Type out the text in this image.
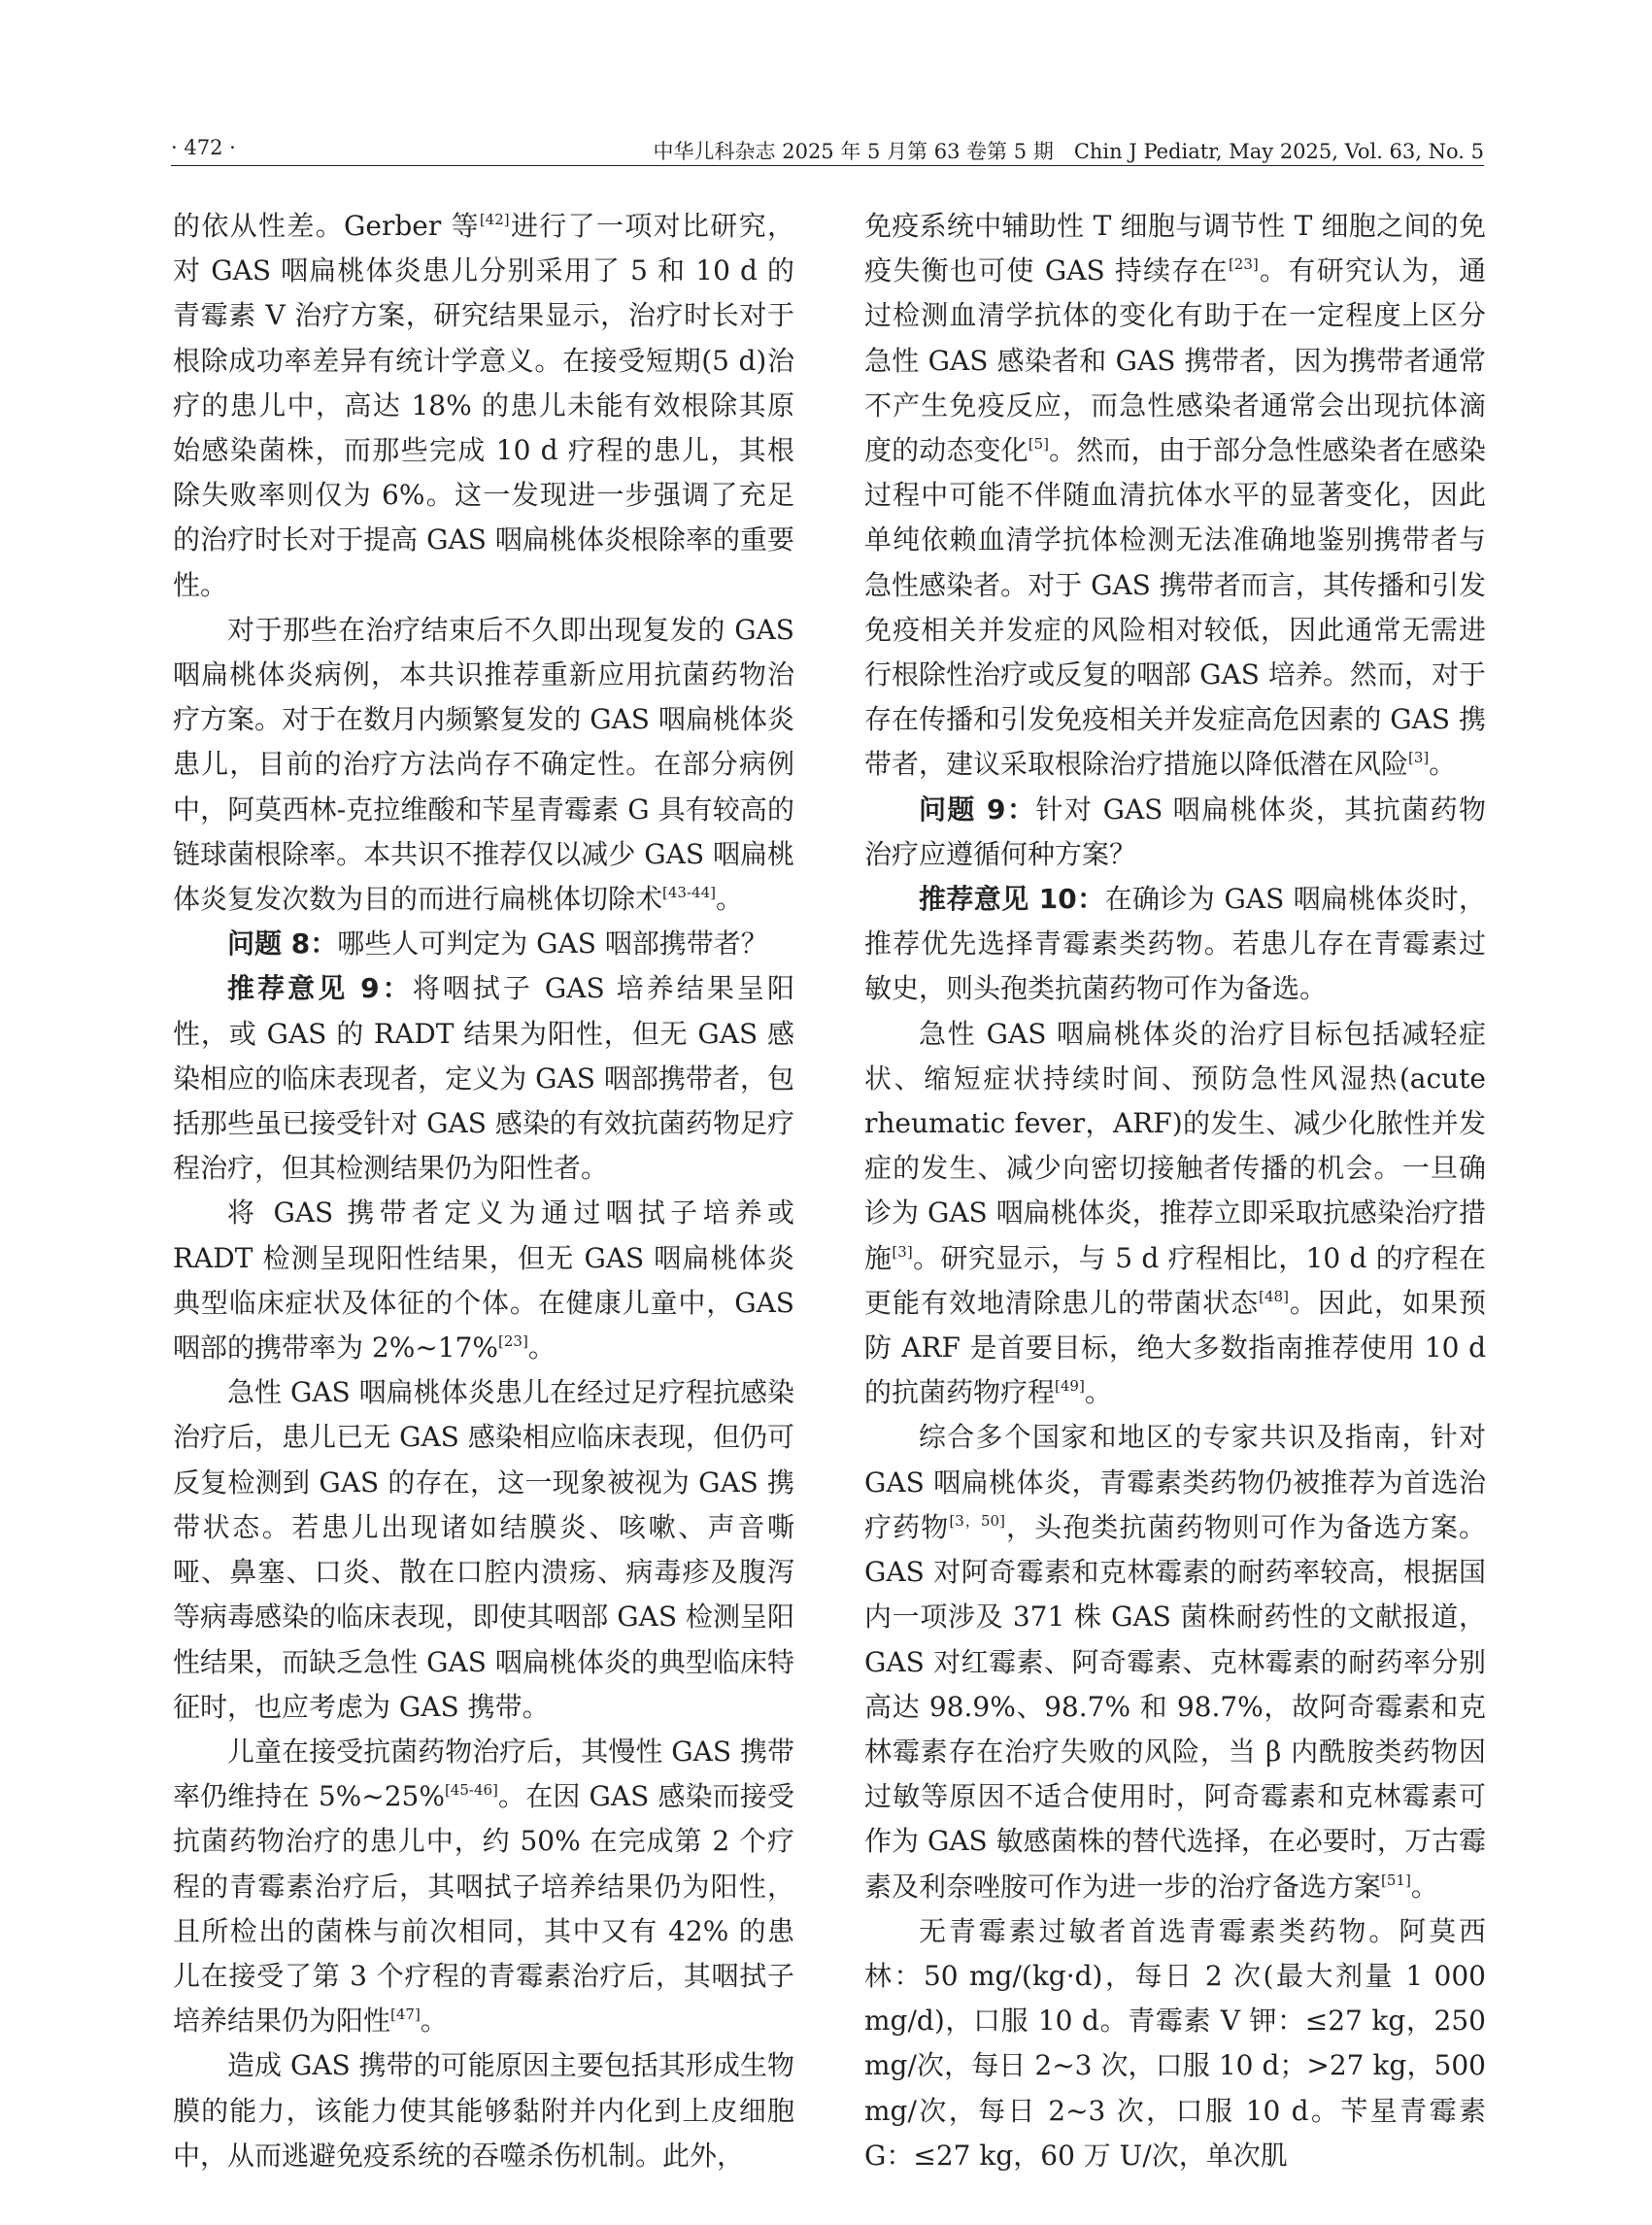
· 472 ·	中华儿科杂志 2025 年 5 月第 63 卷第 5 期　Chin J Pediatr, May 2025, Vol. 63, No. 5

的依从性差。Gerber 等[42]进行了一项对比研究，对 GAS 咽扁桃体炎患儿分别采用了 5 和 10 d 的青霉素 V 治疗方案，研究结果显示，治疗时长对于根除成功率差异有统计学意义。在接受短期(5 d)治疗的患儿中，高达 18% 的患儿未能有效根除其原始感染菌株，而那些完成 10 d 疗程的患儿，其根除失败率则仅为 6%。这一发现进一步强调了充足的治疗时长对于提高 GAS 咽扁桃体炎根除率的重要性。

对于那些在治疗结束后不久即出现复发的 GAS 咽扁桃体炎病例，本共识推荐重新应用抗菌药物治疗方案。对于在数月内频繁复发的 GAS 咽扁桃体炎患儿，目前的治疗方法尚存不确定性。在部分病例中，阿莫西林-克拉维酸和苄星青霉素 G 具有较高的链球菌根除率。本共识不推荐仅以减少 GAS 咽扁桃体炎复发次数为目的而进行扁桃体切除术[43-44]。

问题 8：哪些人可判定为 GAS 咽部携带者？

推荐意见 9：将咽拭子 GAS 培养结果呈阳性，或 GAS 的 RADT 结果为阳性，但无 GAS 感染相应的临床表现者，定义为 GAS 咽部携带者，包括那些虽已接受针对 GAS 感染的有效抗菌药物足疗程治疗，但其检测结果仍为阳性者。

将 GAS 携带者定义为通过咽拭子培养或 RADT 检测呈现阳性结果，但无 GAS 咽扁桃体炎典型临床症状及体征的个体。在健康儿童中，GAS 咽部的携带率为 2%~17%[23]。

急性 GAS 咽扁桃体炎患儿在经过足疗程抗感染治疗后，患儿已无 GAS 感染相应临床表现，但仍可反复检测到 GAS 的存在，这一现象被视为 GAS 携带状态。若患儿出现诸如结膜炎、咳嗽、声音嘶哑、鼻塞、口炎、散在口腔内溃疡、病毒疹及腹泻等病毒感染的临床表现，即使其咽部 GAS 检测呈阳性结果，而缺乏急性 GAS 咽扁桃体炎的典型临床特征时，也应考虑为 GAS 携带。

儿童在接受抗菌药物治疗后，其慢性 GAS 携带率仍维持在 5%~25%[45-46]。在因 GAS 感染而接受抗菌药物治疗的患儿中，约 50% 在完成第 2 个疗程的青霉素治疗后，其咽拭子培养结果仍为阳性，且所检出的菌株与前次相同，其中又有 42% 的患儿在接受了第 3 个疗程的青霉素治疗后，其咽拭子培养结果仍为阳性[47]。

造成 GAS 携带的可能原因主要包括其形成生物膜的能力，该能力使其能够黏附并内化到上皮细胞中，从而逃避免疫系统的吞噬杀伤机制。此外，

免疫系统中辅助性 T 细胞与调节性 T 细胞之间的免疫失衡也可使 GAS 持续存在[23]。有研究认为，通过检测血清学抗体的变化有助于在一定程度上区分急性 GAS 感染者和 GAS 携带者，因为携带者通常不产生免疫反应，而急性感染者通常会出现抗体滴度的动态变化[5]。然而，由于部分急性感染者在感染过程中可能不伴随血清抗体水平的显著变化，因此单纯依赖血清学抗体检测无法准确地鉴别携带者与急性感染者。对于 GAS 携带者而言，其传播和引发免疫相关并发症的风险相对较低，因此通常无需进行根除性治疗或反复的咽部 GAS 培养。然而，对于存在传播和引发免疫相关并发症高危因素的 GAS 携带者，建议采取根除治疗措施以降低潜在风险[3]。

问题 9：针对 GAS 咽扁桃体炎，其抗菌药物治疗应遵循何种方案？

推荐意见 10：在确诊为 GAS 咽扁桃体炎时，推荐优先选择青霉素类药物。若患儿存在青霉素过敏史，则头孢类抗菌药物可作为备选。

急性 GAS 咽扁桃体炎的治疗目标包括减轻症状、缩短症状持续时间、预防急性风湿热(acute rheumatic fever，ARF)的发生、减少化脓性并发症的发生、减少向密切接触者传播的机会。一旦确诊为 GAS 咽扁桃体炎，推荐立即采取抗感染治疗措施[3]。研究显示，与 5 d 疗程相比，10 d 的疗程在更能有效地清除患儿的带菌状态[48]。因此，如果预防 ARF 是首要目标，绝大多数指南推荐使用 10 d 的抗菌药物疗程[49]。

综合多个国家和地区的专家共识及指南，针对 GAS 咽扁桃体炎，青霉素类药物仍被推荐为首选治疗药物[3，50]，头孢类抗菌药物则可作为备选方案。GAS 对阿奇霉素和克林霉素的耐药率较高，根据国内一项涉及 371 株 GAS 菌株耐药性的文献报道，GAS 对红霉素、阿奇霉素、克林霉素的耐药率分别高达 98.9%、98.7% 和 98.7%，故阿奇霉素和克林霉素存在治疗失败的风险，当 β 内酰胺类药物因过敏等原因不适合使用时，阿奇霉素和克林霉素可作为 GAS 敏感菌株的替代选择，在必要时，万古霉素及利奈唑胺可作为进一步的治疗备选方案[51]。

无青霉素过敏者首选青霉素类药物。阿莫西林：50 mg/(kg·d)，每日 2 次(最大剂量 1 000 mg/d)，口服 10 d。青霉素 V 钾：≤27 kg，250 mg/次，每日 2~3 次，口服 10 d；>27 kg，500 mg/次，每日 2~3 次，口服 10 d。苄星青霉素 G：≤27 kg，60 万 U/次，单次肌
